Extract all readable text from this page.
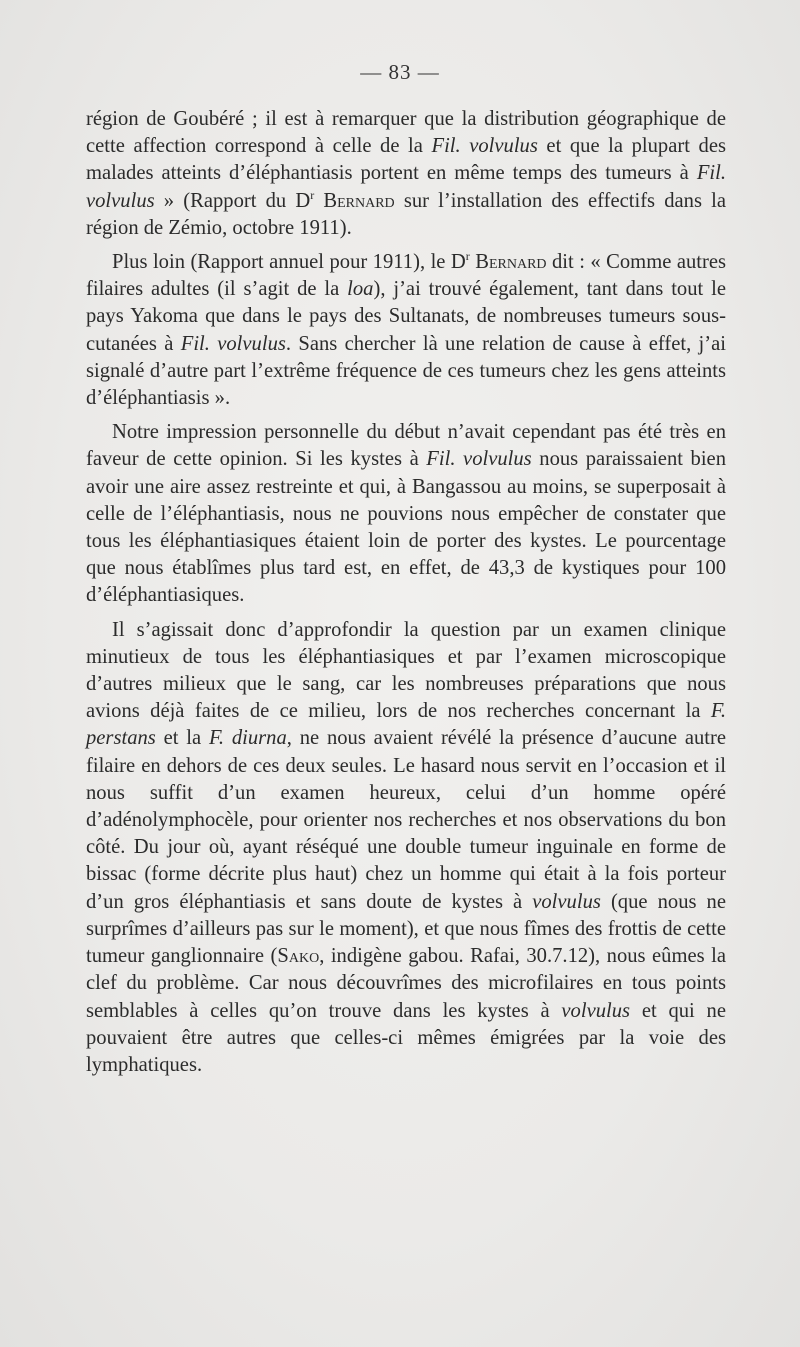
— 83 —

région de Goubéré ; il est à remarquer que la distribution géographique de cette affection correspond à celle de la Fil. volvulus et que la plupart des malades atteints d’éléphantiasis portent en même temps des tumeurs à Fil. volvulus » (Rapport du $D^r$ Bernard sur l’installation des effectifs dans la région de Zémio, octobre 1911).

Plus loin (Rapport annuel pour 1911), le $D^r$ Bernard dit : « Comme autres filaires adultes (il s’agit de la loa), j’ai trouvé également, tant dans tout le pays Yakoma que dans le pays des Sultanats, de nombreuses tumeurs sous-cutanées à Fil. volvulus. Sans chercher là une relation de cause à effet, j’ai signalé d’autre part l’extrême fréquence de ces tumeurs chez les gens atteints d’éléphantiasis ».

Notre impression personnelle du début n’avait cependant pas été très en faveur de cette opinion. Si les kystes à Fil. volvulus nous paraissaient bien avoir une aire assez restreinte et qui, à Bangassou au moins, se superposait à celle de l’éléphantiasis, nous ne pouvions nous empêcher de constater que tous les éléphantiasiques étaient loin de porter des kystes. Le pourcentage que nous établîmes plus tard est, en effet, de 43,3 de kystiques pour 100 d’éléphantiasiques.

Il s’agissait donc d’approfondir la question par un examen clinique minutieux de tous les éléphantiasiques et par l’examen microscopique d’autres milieux que le sang, car les nombreuses préparations que nous avions déjà faites de ce milieu, lors de nos recherches concernant la F. perstans et la F. diurna, ne nous avaient révélé la présence d’aucune autre filaire en dehors de ces deux seules. Le hasard nous servit en l’occasion et il nous suffit d’un examen heureux, celui d’un homme opéré d’adénolymphocèle, pour orienter nos recherches et nos observations du bon côté. Du jour où, ayant réséqué une double tumeur inguinale en forme de bissac (forme décrite plus haut) chez un homme qui était à la fois porteur d’un gros éléphantiasis et sans doute de kystes à volvulus (que nous ne surprîmes d’ailleurs pas sur le moment), et que nous fîmes des frottis de cette tumeur ganglionnaire (Sako, indigène gabou. Rafai, 30.7.12), nous eûmes la clef du problème. Car nous découvrîmes des microfilaires en tous points semblables à celles qu’on trouve dans les kystes à volvulus et qui ne pouvaient être autres que celles-ci mêmes émigrées par la voie des lymphatiques.
